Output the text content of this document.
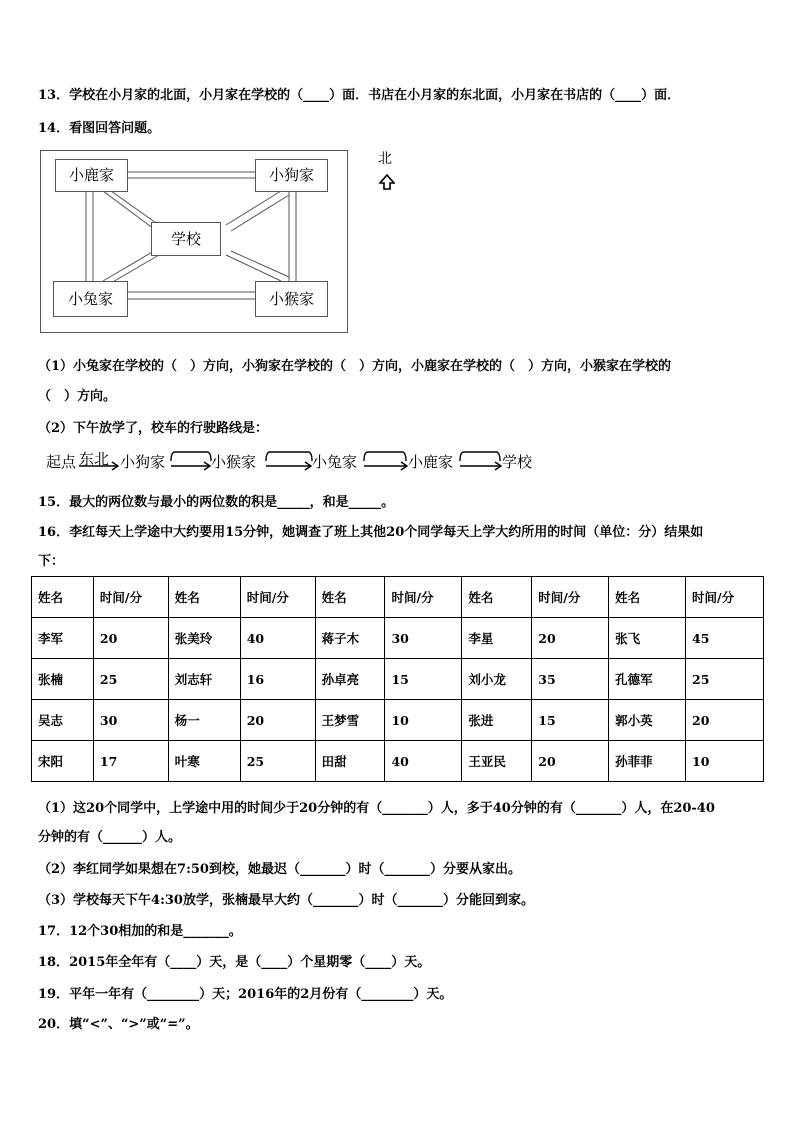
13．学校在小月家的北面，小月家在学校的（____）面．书店在小月家的东北面，小月家在书店的（____）面．
14．看图回答问题。
小鹿家	小狗家
学校
小兔家	小猴家
北
（1）小兔家在学校的（　）方向，小狗家在学校的（　）方向，小鹿家在学校的（　）方向，小猴家在学校的
（　）方向。
（2）下午放学了，校车的行驶路线是：
起点 东北 小狗家	小猴家	小兔家	小鹿家	学校
15．最大的两位数与最小的两位数的积是_____，和是_____。
16．李红每天上学途中大约要用15分钟，她调查了班上其他20个同学每天上学大约所用的时间（单位：分）结果如
下：
姓名	时间/分	姓名	时间/分	姓名	时间/分	姓名	时间/分	姓名	时间/分
李军	20	张美玲	40	蒋子木	30	李星	20	张飞	45
张楠	25	刘志轩	16	孙卓亮	15	刘小龙	35	孔德军	25
吴志	30	杨一	20	王梦雪	10	张进	15	郭小英	20
宋阳	17	叶寒	25	田甜	40	王亚民	20	孙菲菲	10
（1）这20个同学中，上学途中用的时间少于20分钟的有（_______）人，多于40分钟的有（_______）人，在20-40
分钟的有（______）人。
（2）李红同学如果想在7:50到校，她最迟（_______）时（_______）分要从家出。
（3）学校每天下午4:30放学，张楠最早大约（_______）时（_______）分能回到家。
17．12个30相加的和是_______。
18．2015年全年有（____）天，是（____）个星期零（____）天。
19．平年一年有（________）天；2016年的2月份有（________）天。
20．填“<”、“>”或“=”。
